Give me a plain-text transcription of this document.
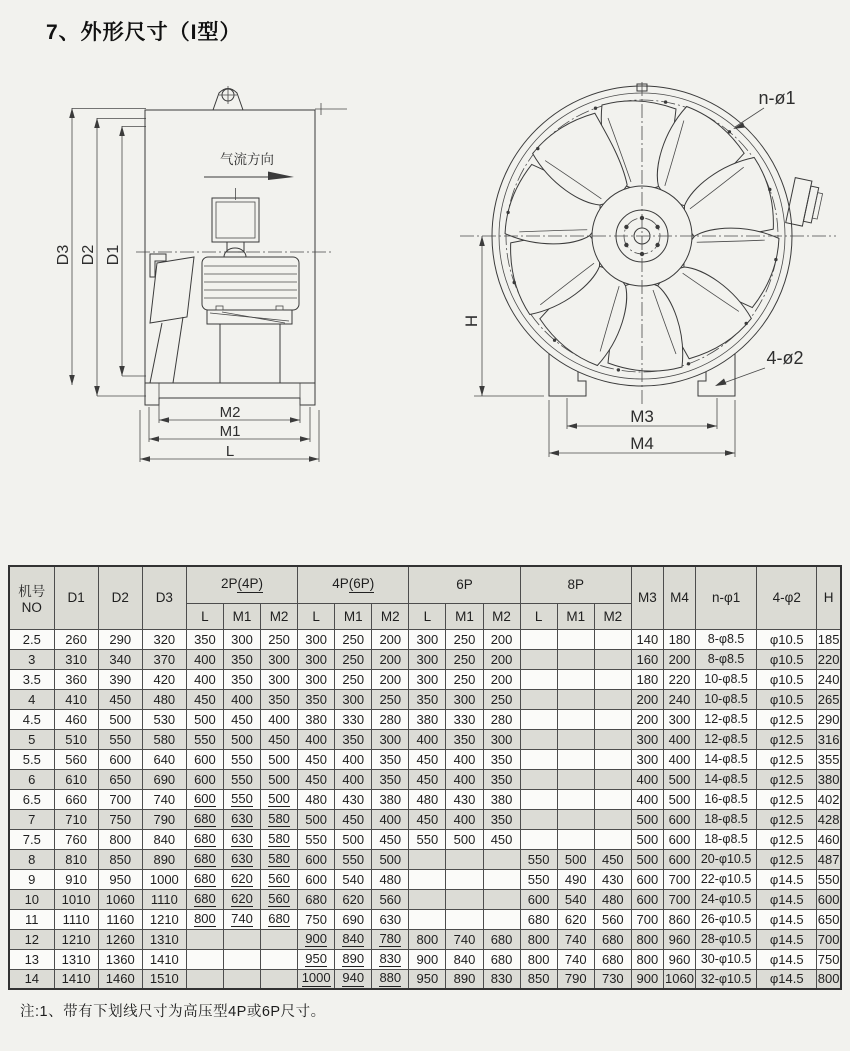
7、外形尺寸（I型）
D3 D2 D1
气流方向
M2
M1
L
n-ø1
4-ø2
H
M3
M4
机号
NO	D1	D2	D3	2P(4P)			4P(6P)			6P			8P			M3	M4	n-φ1	4-φ2	H
				L	M1	M2	L	M1	M2	L	M1	M2	L	M1	M2					
2.5	260	290	320	350	300	250	300	250	200	300	250	200				140	180	8-φ8.5	φ10.5	185
3	310	340	370	400	350	300	300	250	200	300	250	200				160	200	8-φ8.5	φ10.5	220
3.5	360	390	420	400	350	300	300	250	200	300	250	200				180	220	10-φ8.5	φ10.5	240
4	410	450	480	450	400	350	350	300	250	350	300	250				200	240	10-φ8.5	φ10.5	265
4.5	460	500	530	500	450	400	380	330	280	380	330	280				200	300	12-φ8.5	φ12.5	290
5	510	550	580	550	500	450	400	350	300	400	350	300				300	400	12-φ8.5	φ12.5	316
5.5	560	600	640	600	550	500	450	400	350	450	400	350				300	400	14-φ8.5	φ12.5	355
6	610	650	690	600	550	500	450	400	350	450	400	350				400	500	14-φ8.5	φ12.5	380
6.5	660	700	740	600	550	500	480	430	380	480	430	380				400	500	16-φ8.5	φ12.5	402
7	710	750	790	680	630	580	500	450	400	450	400	350				500	600	18-φ8.5	φ12.5	428
7.5	760	800	840	680	630	580	550	500	450	550	500	450				500	600	18-φ8.5	φ12.5	460
8	810	850	890	680	630	580	600	550	500				550	500	450	500	600	20-φ10.5	φ12.5	487
9	910	950	1000	680	620	560	600	540	480				550	490	430	600	700	22-φ10.5	φ14.5	550
10	1010	1060	1110	680	620	560	680	620	560				600	540	480	600	700	24-φ10.5	φ14.5	600
11	1110	1160	1210	800	740	680	750	690	630				680	620	560	700	860	26-φ10.5	φ14.5	650
12	1210	1260	1310				900	840	780	800	740	680	800	740	680	800	960	28-φ10.5	φ14.5	700
13	1310	1360	1410				950	890	830	900	840	680	800	740	680	800	960	30-φ10.5	φ14.5	750
14	1410	1460	1510				1000	940	880	950	890	830	850	790	730	900	1060	32-φ10.5	φ14.5	800
注:1、带有下划线尺寸为高压型4P或6P尺寸。
